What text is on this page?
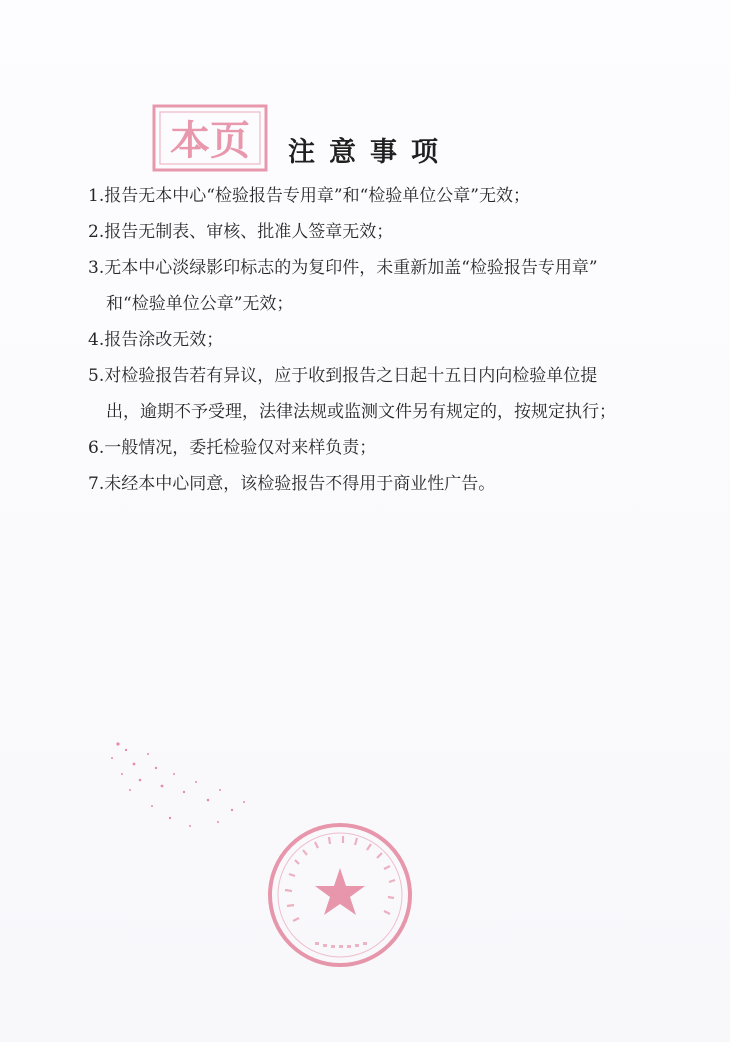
本页	注意事项
1.报告无本中心“检验报告专用章”和“检验单位公章”无效；
2.报告无制表、审核、批准人签章无效；
3.无本中心淡绿影印标志的为复印件，未重新加盖“检验报告专用章”
和“检验单位公章”无效；
4.报告涂改无效；
5.对检验报告若有异议，应于收到报告之日起十五日内向检验单位提
出，逾期不予受理，法律法规或监测文件另有规定的，按规定执行；
6.一般情况，委托检验仅对来样负责；
7.未经本中心同意，该检验报告不得用于商业性广告。
